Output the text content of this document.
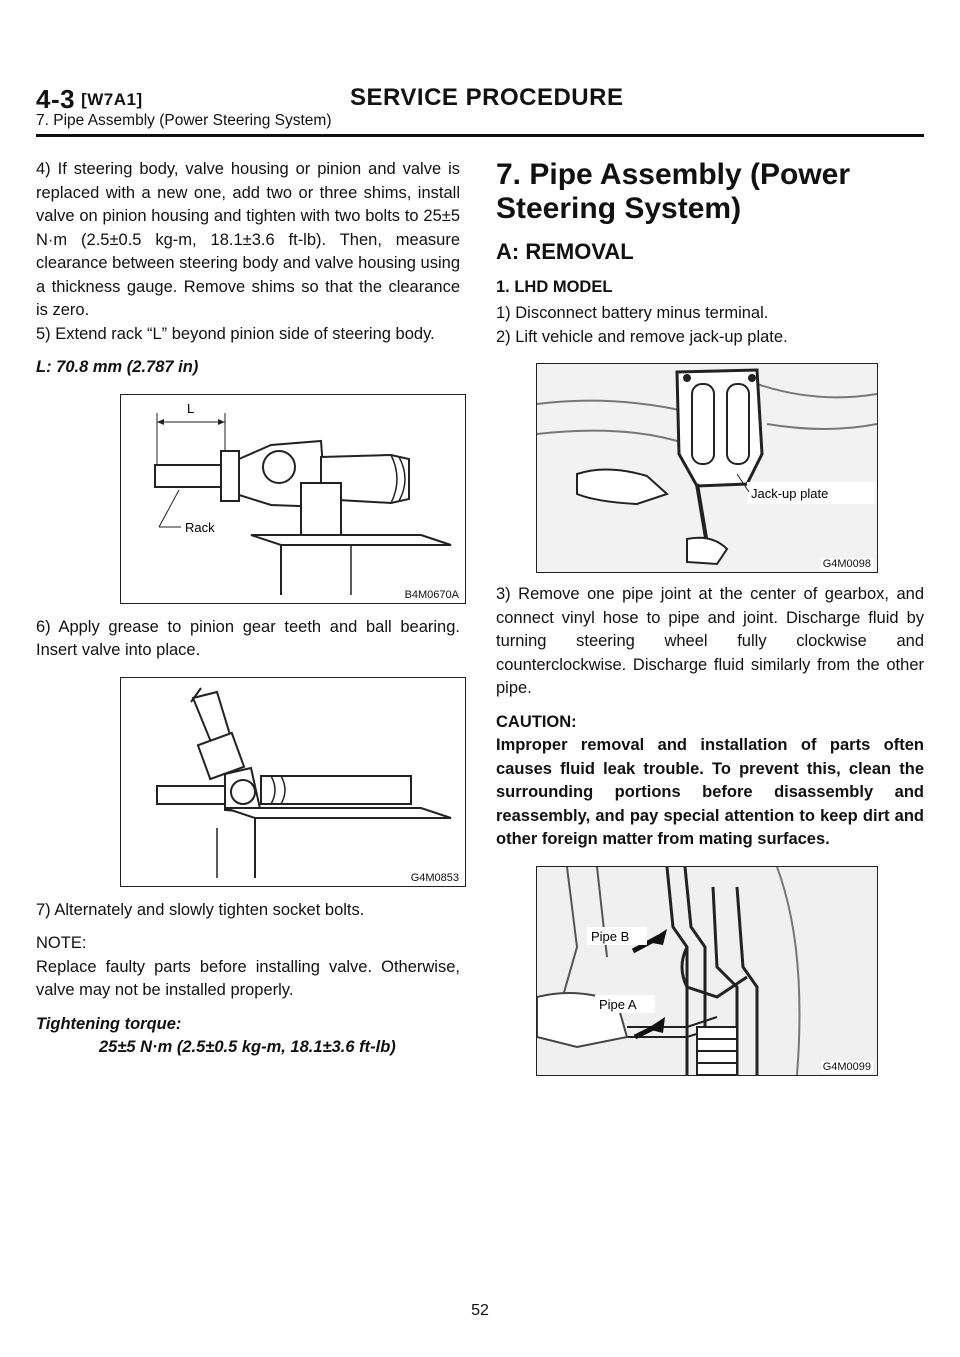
4-3 [W7A1]	SERVICE PROCEDURE
7. Pipe Assembly (Power Steering System)

4) If steering body, valve housing or pinion and valve is replaced with a new one, add two or three shims, install valve on pinion housing and tighten with two bolts to 25±5 N·m (2.5±0.5 kg-m, 18.1±3.6 ft-lb). Then, measure clearance between steering body and valve housing using a thickness gauge. Remove shims so that the clearance is zero.

5) Extend rack “L” beyond pinion side of steering body.

L: 70.8 mm (2.787 in)

L
Rack
B4M0670A

6) Apply grease to pinion gear teeth and ball bearing. Insert valve into place.

G4M0853

7) Alternately and slowly tighten socket bolts.

NOTE:

Replace faulty parts before installing valve. Otherwise, valve may not be installed properly.

Tightening torque:

25±5 N·m (2.5±0.5 kg-m, 18.1±3.6 ft-lb)

7. Pipe Assembly (Power Steering System)
A: REMOVAL
1. LHD MODEL

1) Disconnect battery minus terminal.

2) Lift vehicle and remove jack-up plate.

Jack-up plate
G4M0098

3) Remove one pipe joint at the center of gearbox, and connect vinyl hose to pipe and joint. Discharge fluid by turning steering wheel fully clockwise and counterclockwise. Discharge fluid similarly from the other pipe.

CAUTION:

Improper removal and installation of parts often causes fluid leak trouble. To prevent this, clean the surrounding portions before disassembly and reassembly, and pay special attention to keep dirt and other foreign matter from mating surfaces.

Pipe B
Pipe A
G4M0099
52
